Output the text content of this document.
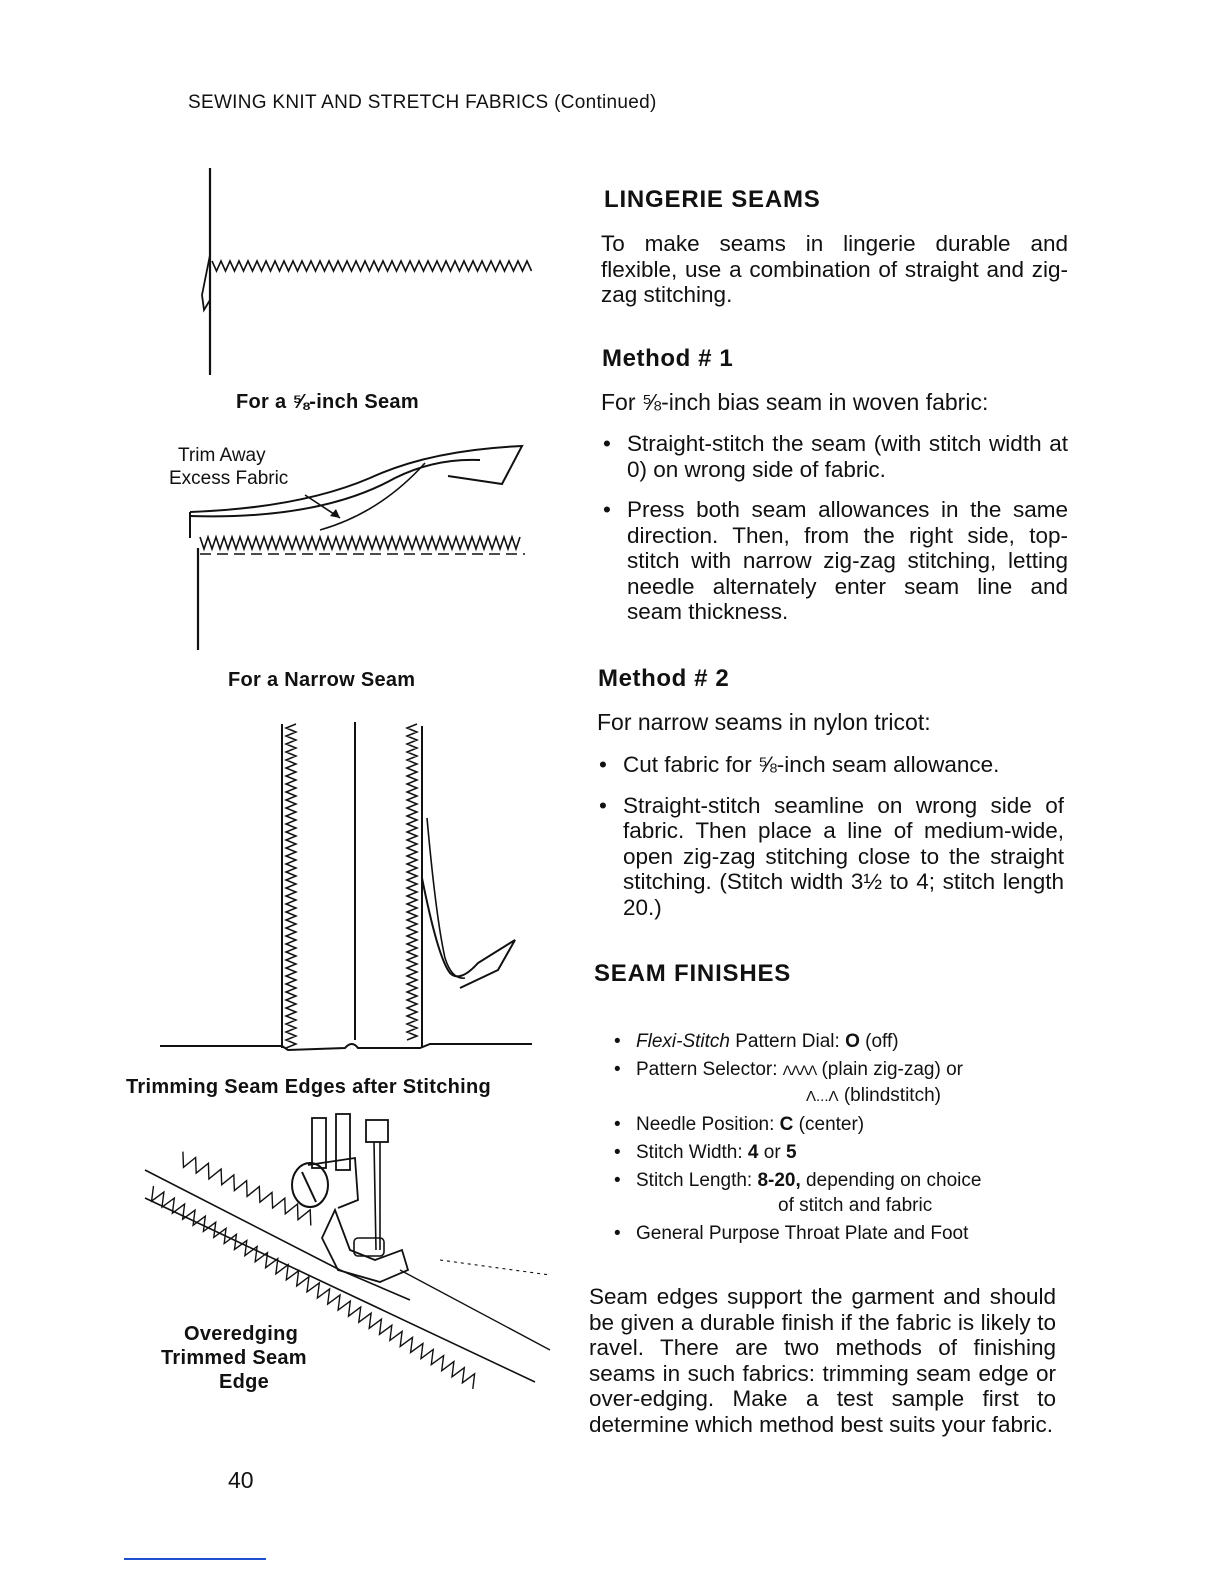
SEWING KNIT AND STRETCH FABRICS (Continued)
For a ⅝-inch Seam
Trim Away
Excess Fabric
For a Narrow Seam
Trimming Seam Edges after Stitching
Overedging
Trimmed Seam
Edge
40
LINGERIE SEAMS
To make seams in lingerie durable and flexible, use a combination of straight and zig-zag stitching.
Method # 1
For ⅝-inch bias seam in woven fabric:
• Straight-stitch the seam (with stitch width at 0) on wrong side of fabric.
• Press both seam allowances in the same direction. Then, from the right side, top-stitch with narrow zig-zag stitching, letting needle alternately enter seam line and seam thickness.
Method # 2
For narrow seams in nylon tricot:
• Cut fabric for ⅝-inch seam allowance.
• Straight-stitch seamline on wrong side of fabric. Then place a line of medium-wide, open zig-zag stitching close to the straight stitching. (Stitch width 3½ to 4; stitch length 20.)
SEAM FINISHES
• Flexi-Stitch Pattern Dial: O (off)
• Pattern Selector: ΛΛΛΛ (plain zig-zag) or
Λ...Λ (blindstitch)
• Needle Position: C (center)
• Stitch Width: 4 or 5
• Stitch Length: 8-20, depending on choice
of stitch and fabric
• General Purpose Throat Plate and Foot
Seam edges support the garment and should be given a durable finish if the fabric is likely to ravel. There are two methods of finishing seams in such fabrics: trimming seam edge or over-edging. Make a test sample first to determine which method best suits your fabric.
